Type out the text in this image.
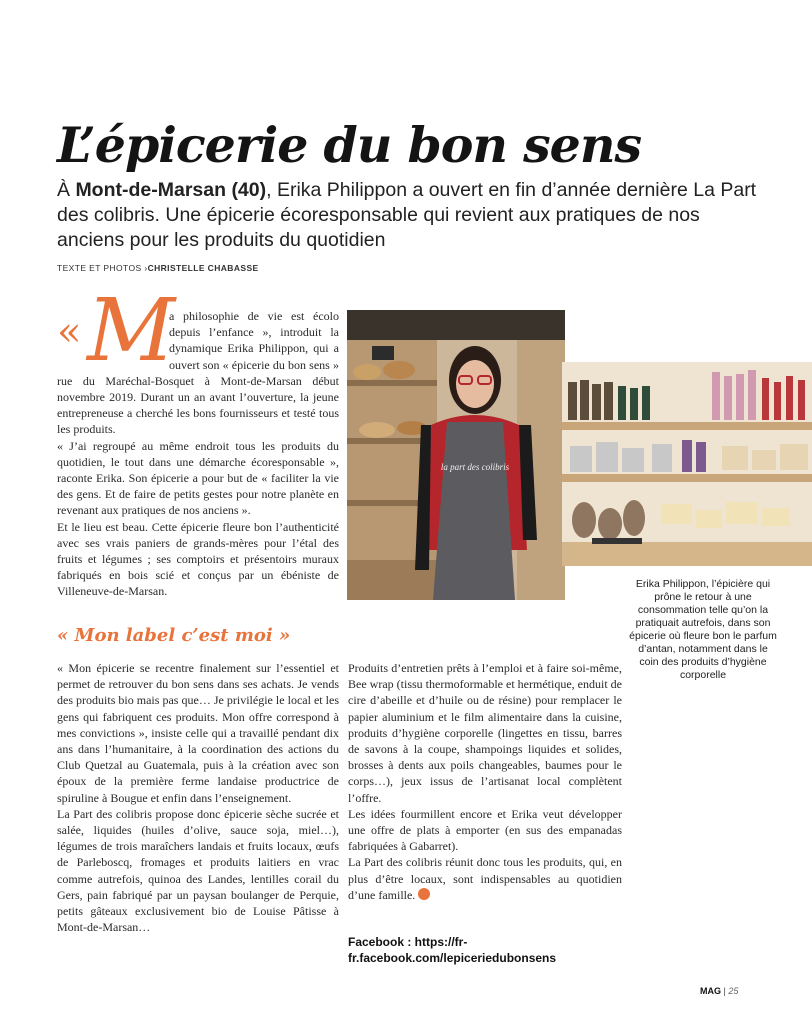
L’épicerie du bon sens
À Mont-de-Marsan (40), Erika Philippon a ouvert en fin d’année dernière La Part des colibris. Une épicerie écoresponsable qui revient aux pratiques de nos anciens pour les produits du quotidien
TEXTE ET PHOTOS ›CHRISTELLE CHABASSE
« M

a philosophie de vie est écolo depuis l’enfance », introduit la dynamique Erika Philippon, qui a ouvert son « épicerie du bon sens » rue du Maréchal-Bosquet à Mont-de-Marsan début novembre 2019. Durant un an avant l’ouverture, la jeune entrepreneuse a cherché les bons fournisseurs et testé tous les produits.

« J’ai regroupé au même endroit tous les produits du quotidien, le tout dans une démarche écoresponsable », raconte Erika. Son épicerie a pour but de « faciliter la vie des gens. Et de faire de petits gestes pour notre planète en revenant aux pratiques de nos anciens ».

Et le lieu est beau. Cette épicerie fleure bon l’authenticité avec ses vrais paniers de grands-mères pour l’étal des fruits et légumes ; ses comptoirs et présentoirs muraux fabriqués en bois scié et conçus par un ébéniste de Villeneuve-de-Marsan.

« Mon label c’est moi »

« Mon épicerie se recentre finalement sur l’essentiel et permet de retrouver du bon sens dans ses achats. Je vends des produits bio mais pas que… Je privilégie le local et les gens qui fabriquent ces produits. Mon offre correspond à mes convictions », insiste celle qui a travaillé pendant dix ans dans l’humanitaire, à la coordination des actions du Club Quetzal au Guatemala, puis à la création avec son époux de la première ferme landaise productrice de spiruline à Bougue et enfin dans l’enseignement.

La Part des colibris propose donc épicerie sèche sucrée et salée, liquides (huiles d’olive, sauce soja, miel…), légumes de trois maraîchers landais et fruits locaux, œufs de Parleboscq, fromages et produits laitiers en vrac comme autrefois, quinoa des Landes, lentilles corail du Gers, pain fabriqué par un paysan boulanger de Perquie, petits gâteaux exclusivement bio de Louise Pâtisse à Mont-de-Marsan…

Produits d’entretien prêts à l’emploi et à faire soi-même, Bee wrap (tissu thermoformable et hermétique, enduit de cire d’abeille et d’huile ou de résine) pour remplacer le papier aluminium et le film alimentaire dans la cuisine, produits d’hygiène corporelle (lingettes en tissu, barres de savons à la coupe, shampoings liquides et solides, brosses à dents aux poils changeables, baumes pour le corps…), jeux issus de l’artisanat local complètent l’offre.

Les idées fourmillent encore et Erika veut développer une offre de plats à emporter (en sus des empanadas fabriquées à Gabarret).

La Part des colibris réunit donc tous les produits, qui, en plus d’être locaux, sont indispensables au quotidien d’une famille.

Facebook : https://fr-fr.facebook.com/lepiceriedubonsens
la part des colibris
Erika Philippon, l’épicière qui prône le retour à une consommation telle qu’on la pratiquait autrefois, dans son épicerie où fleure bon le parfum d’antan, notamment dans le coin des produits d’hygiène corporelle
MAG | 25
